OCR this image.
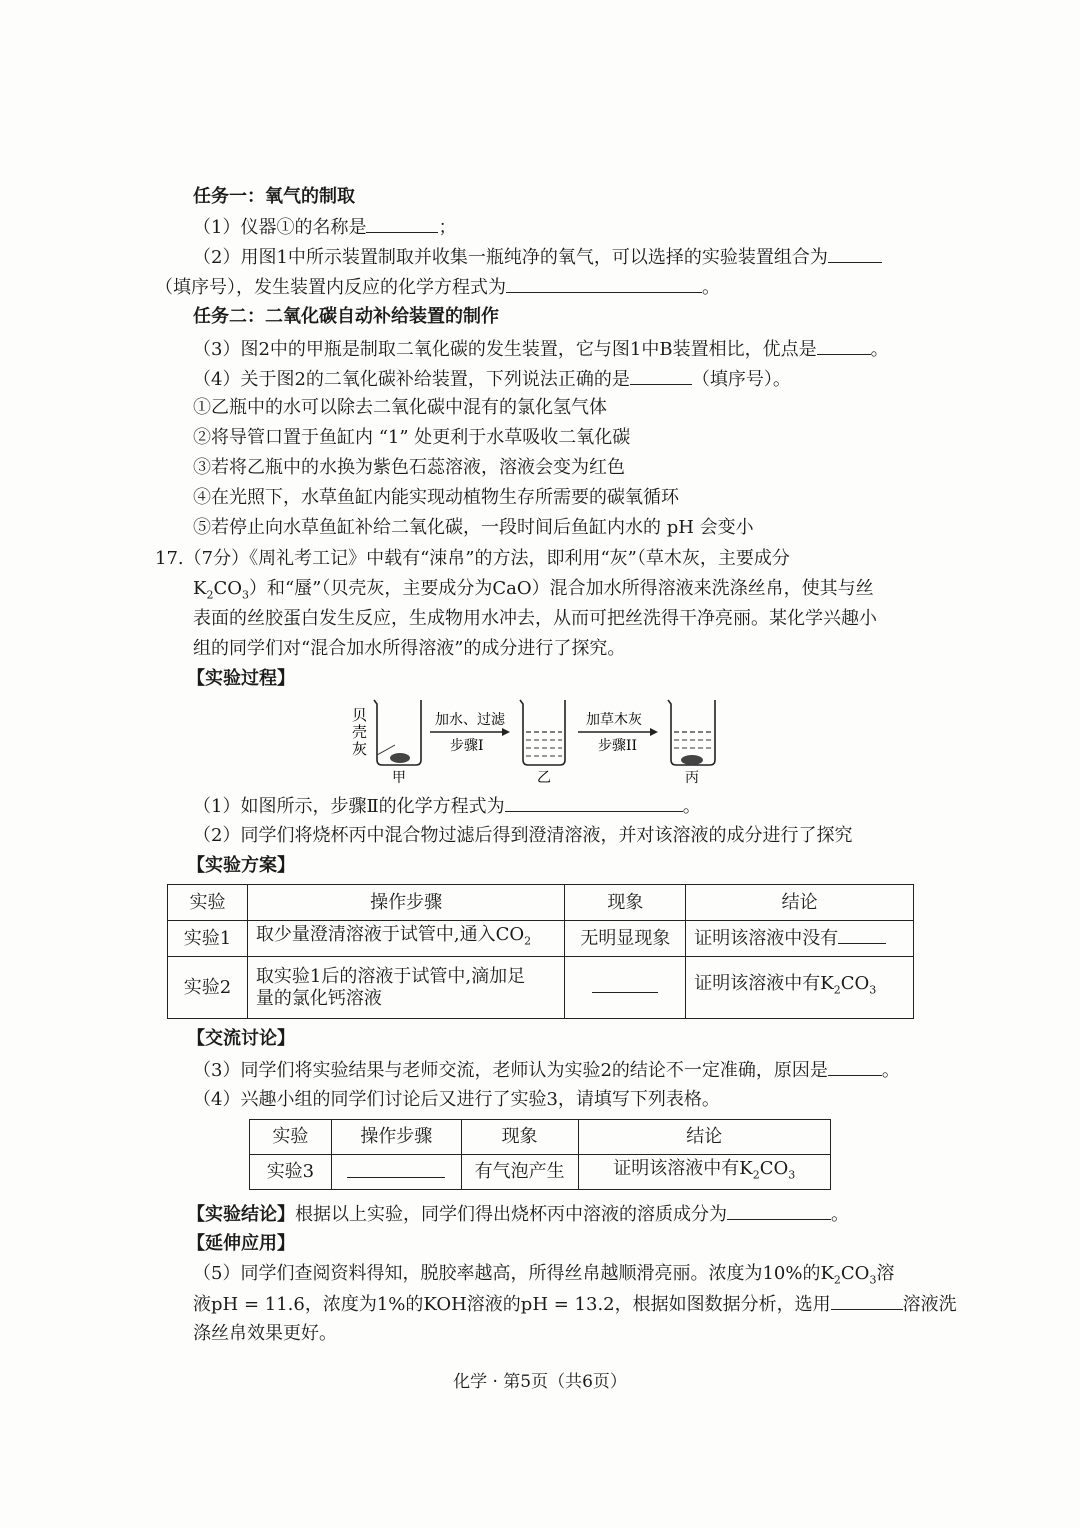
任务一：氧气的制取
（1）仪器①的名称是	；
（2）用图1中所示装置制取并收集一瓶纯净的氧气，可以选择的实验装置组合为
（填序号），发生装置内反应的化学方程式为	。
任务二：二氧化碳自动补给装置的制作
（3）图2中的甲瓶是制取二氧化碳的发生装置，它与图1中B装置相比，优点是	。
（4）关于图2的二氧化碳补给装置，下列说法正确的是	（填序号）。
①乙瓶中的水可以除去二氧化碳中混有的氯化氢气体
②将导管口置于鱼缸内 “1” 处更利于水草吸收二氧化碳
③若将乙瓶中的水换为紫色石蕊溶液，溶液会变为红色
④在光照下，水草鱼缸内能实现动植物生存所需要的碳氧循环
⑤若停止向水草鱼缸补给二氧化碳，一段时间后鱼缸内水的 pH 会变小
17.（7分）《周礼考工记》中载有“涑帛”的方法，即利用“灰”（草木灰，主要成分
$K_2CO_3$）和“蜃”（贝壳灰，主要成分为CaO）混合加水所得溶液来洗涤丝帛，使其与丝
表面的丝胶蛋白发生反应，生成物用水冲去，从而可把丝洗得干净亮丽。某化学兴趣小
组的同学们对“混合加水所得溶液”的成分进行了探究。
【实验过程】
贝
壳
灰
甲
加水、过滤
步骤I
乙
加草木灰
步骤II
丙
（1）如图所示，步骤Ⅱ的化学方程式为	。
（2）同学们将烧杯丙中混合物过滤后得到澄清溶液，并对该溶液的成分进行了探究
【实验方案】
实验	操作步骤	现象	结论
实验1	取少量澄清溶液于试管中,通入$CO_2$	无明显现象	证明该溶液中没有
实验2	取实验1后的溶液于试管中,滴加足
量的氯化钙溶液		证明该溶液中有$K_2CO_3$
【交流讨论】
（3）同学们将实验结果与老师交流，老师认为实验2的结论不一定准确，原因是	。
（4）兴趣小组的同学们讨论后又进行了实验3，请填写下列表格。
实验	操作步骤	现象	结论
实验3		有气泡产生	证明该溶液中有$K_2CO_3$
【实验结论】根据以上实验，同学们得出烧杯丙中溶液的溶质成分为	。
【延伸应用】
（5）同学们查阅资料得知，脱胶率越高，所得丝帛越顺滑亮丽。浓度为10%的$K_2CO_3$溶
液pH = 11.6，浓度为1%的KOH溶液的pH = 13.2，根据如图数据分析，选用	溶液洗
涤丝帛效果更好。
化学 · 第5页（共6页）
